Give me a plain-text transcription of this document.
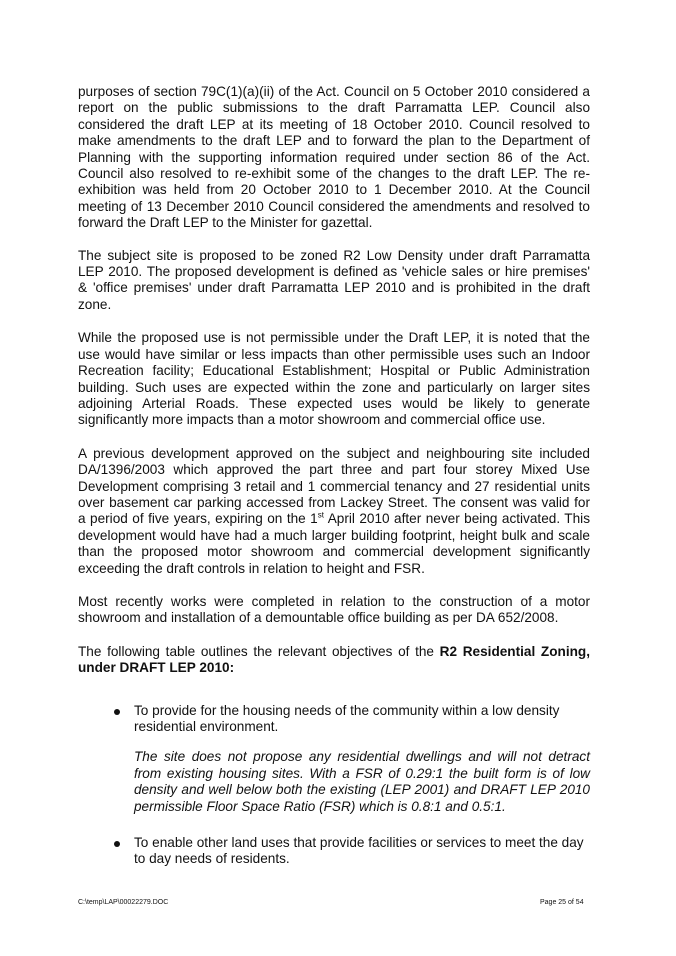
purposes of section 79C(1)(a)(ii) of the Act. Council on 5 October 2010 considered a report on the public submissions to the draft Parramatta LEP. Council also considered the draft LEP at its meeting of 18 October 2010. Council resolved to make amendments to the draft LEP and to forward the plan to the Department of Planning with the supporting information required under section 86 of the Act. Council also resolved to re-exhibit some of the changes to the draft LEP. The re-exhibition was held from 20 October 2010 to 1 December 2010. At the Council meeting of 13 December 2010 Council considered the amendments and resolved to forward the Draft LEP to the Minister for gazettal.

The subject site is proposed to be zoned R2 Low Density under draft Parramatta LEP 2010. The proposed development is defined as 'vehicle sales or hire premises' & 'office premises' under draft Parramatta LEP 2010 and is prohibited in the draft zone.

While the proposed use is not permissible under the Draft LEP, it is noted that the use would have similar or less impacts than other permissible uses such an Indoor Recreation facility; Educational Establishment; Hospital or Public Administration building. Such uses are expected within the zone and particularly on larger sites adjoining Arterial Roads. These expected uses would be likely to generate significantly more impacts than a motor showroom and commercial office use.

A previous development approved on the subject and neighbouring site included DA/1396/2003 which approved the part three and part four storey Mixed Use Development comprising 3 retail and 1 commercial tenancy and 27 residential units over basement car parking accessed from Lackey Street. The consent was valid for a period of five years, expiring on the 1st April 2010 after never being activated. This development would have had a much larger building footprint, height bulk and scale than the proposed motor showroom and commercial development significantly exceeding the draft controls in relation to height and FSR.

Most recently works were completed in relation to the construction of a motor showroom and installation of a demountable office building as per DA 652/2008.

The following table outlines the relevant objectives of the R2 Residential Zoning, under DRAFT LEP 2010:

To provide for the housing needs of the community within a low density residential environment.

The site does not propose any residential dwellings and will not detract from existing housing sites. With a FSR of 0.29:1 the built form is of low density and well below both the existing (LEP 2001) and DRAFT LEP 2010 permissible Floor Space Ratio (FSR) which is 0.8:1 and 0.5:1.

To enable other land uses that provide facilities or services to meet the day to day needs of residents.

C:\temp\LAP\00022279.DOC	Page 25 of 54
